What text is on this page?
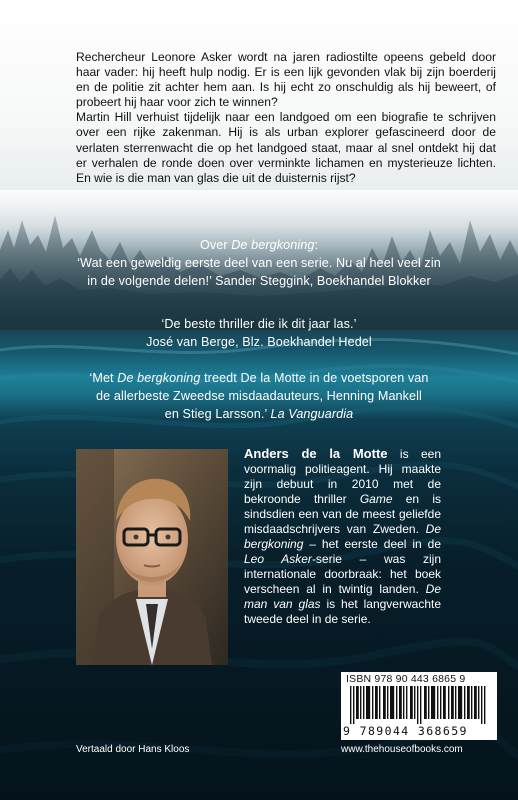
Rechercheur Leonore Asker wordt na jaren radiostilte opeens gebeld door haar vader: hij heeft hulp nodig. Er is een lijk gevonden vlak bij zijn boerderij en de politie zit achter hem aan. Is hij echt zo onschuldig als hij beweert, of probeert hij haar voor zich te winnen?

Martin Hill verhuist tijdelijk naar een landgoed om een biografie te schrijven over een rijke zakenman. Hij is als urban explorer gefascineerd door de verlaten sterrenwacht die op het landgoed staat, maar al snel ontdekt hij dat er verhalen de ronde doen over verminkte lichamen en mysterieuze lichten. En wie is die man van glas die uit de duisternis rijst?

Over De bergkoning:
‘Wat een geweldig eerste deel van een serie. Nu al heel veel zin
in de volgende delen!’ Sander Steggink, Boekhandel Blokker
‘De beste thriller die ik dit jaar las.’
José van Berge, Blz. Boekhandel Hedel
‘Met De bergkoning treedt De la Motte in de voetsporen van
de allerbeste Zweedse misdaadauteurs, Henning Mankell
en Stieg Larsson.’ La Vanguardia
Anders de la Motte is een voormalig politieagent. Hij maakte zijn debuut in 2010 met de bekroonde thriller Game en is sindsdien een van de meest geliefde misdaadschrijvers van Zweden. De bergkoning – het eerste deel in de Leo Asker-serie – was zijn internationale doorbraak: het boek verscheen al in twintig landen. De man van glas is het langverwachte tweede deel in de serie.
ISBN 978 90 443 6865 9
9 789044 368659
www.thehouseofbooks.com
Vertaald door Hans Kloos
